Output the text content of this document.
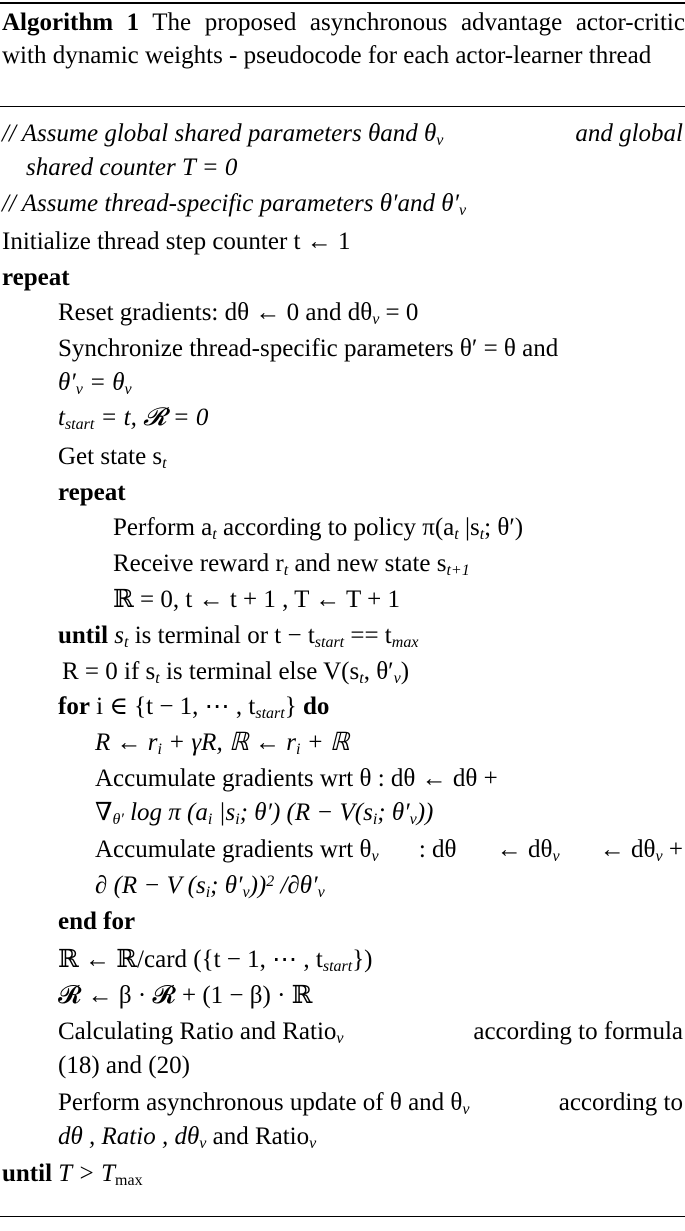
Algorithm 1 The proposed asynchronous advantage actor-critic with dynamic weights - pseudocode for each actor-learner thread
// Assume global shared parameters θand $\theta_v$	and global
shared counter T = 0
// Assume thread-specific parameters θ′and $\theta'_v$
Initialize thread step counter t ← 1
repeat
Reset gradients: dθ ← 0 and $d\theta_v = 0$
Synchronize thread-specific parameters θ′ = θ and
$\theta'_v = \theta_v$
$t_{start} = t$, 𝓡 = 0
Get state $s_t$
repeat
Perform $a_t$ according to policy $\pi(a_t$ $|s_t$; θ′)
Receive reward $r_t$ and new state $s_{t+1}$
ℝ = 0, t ← t + 1 , T ← T + 1
until $s_t$ is terminal or $t - t_{start} == t_{max}$
R = 0 if $s_t$ is terminal else $V(s_t$, $\theta'_v$)
for i ∈ {t − 1, ⋯ , $t_{start}$} do
R ← $r_i + \gamma R$, ℝ ← $r_i$ + ℝ
Accumulate gradients wrt θ : dθ ← dθ +
$\nabla_{\theta'}$ log π ($a_i$ $|s_i$; θ′) ($R - V(s_i$; $\theta'_v$))
Accumulate gradients wrt $\theta_v$ : dθ ← $d\theta_v$ ← $d\theta_v$ +
∂ (R − V ($s_i$; $\theta'_v))^2$ $/\partial\theta'_v$
end for
ℝ ← ℝ/card ({t − 1, ⋯ , $t_{start}$})
𝓡 ← β · 𝓡 + (1 − β) · ℝ
Calculating Ratio and Ratio$_v$	according to formula
(18) and (20)
Perform asynchronous update of θ and $\theta_v$	according to
dθ , Ratio , $d\theta_v$ and Ratio$_v$
until $T > T_{max}$
